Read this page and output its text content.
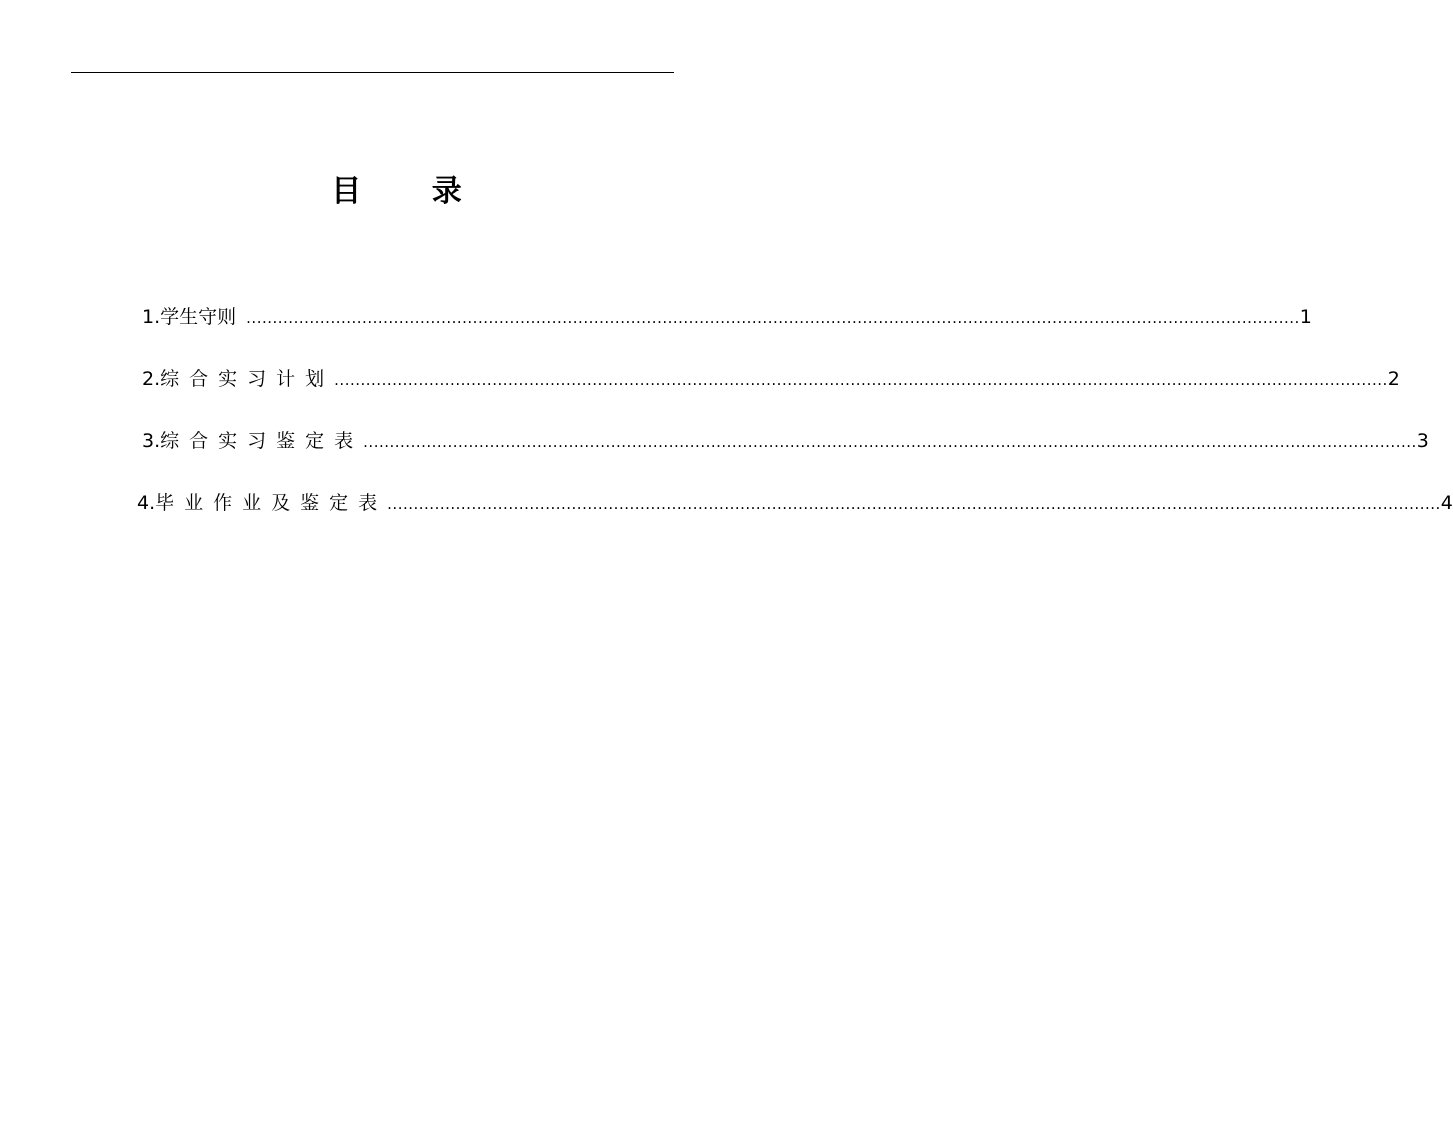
目 录
1. 学生守则 ........................................................................................................................................................................................................ 1
2. 综合实习计划 ........................................................................................................................................................................................................ 2
3. 综合实习鉴定表 ........................................................................................................................................................................................................ 3
4. 毕业作业及鉴定表 ........................................................................................................................................................................................................ 4
